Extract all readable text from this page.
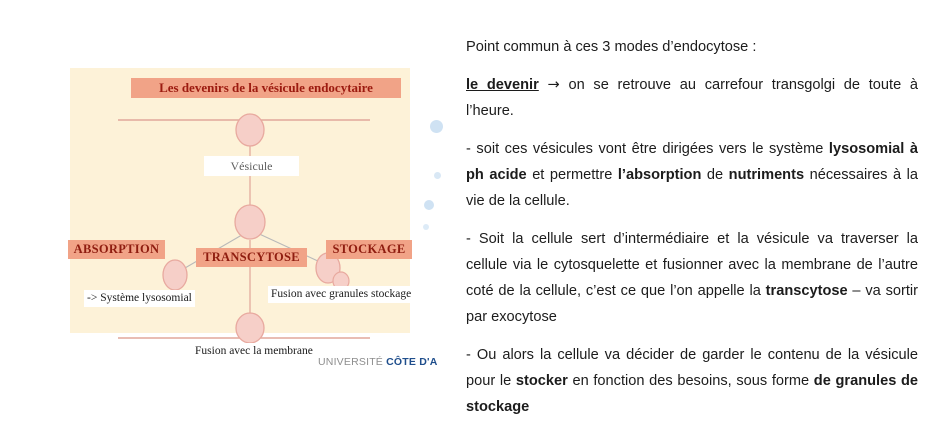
Les devenirs de la vésicule endocytaire
Vésicule
ABSORPTION
TRANSCYTOSE
STOCKAGE
-> Système lysosomial	Fusion avec granules stockage
Fusion avec la membrane
UNIVERSITÉ CÔTE D'A

Point commun à ces 3 modes d’endocytose :

le devenir → on se retrouve au carrefour transgolgi de toute à l’heure.

- soit ces vésicules vont être dirigées vers le système lysosomial à ph acide et permettre l’absorption de nutriments nécessaires à la vie de la cellule.

- Soit la cellule sert d’intermédiaire et la vésicule va traverser la cellule via le cytosquelette et fusionner avec la membrane de l’autre coté de la cellule, c’est ce que l’on appelle la transcytose – va sortir par exocytose

- Ou alors la cellule va décider de garder le contenu de la vésicule pour le stocker en fonction des besoins, sous forme de granules de stockage
